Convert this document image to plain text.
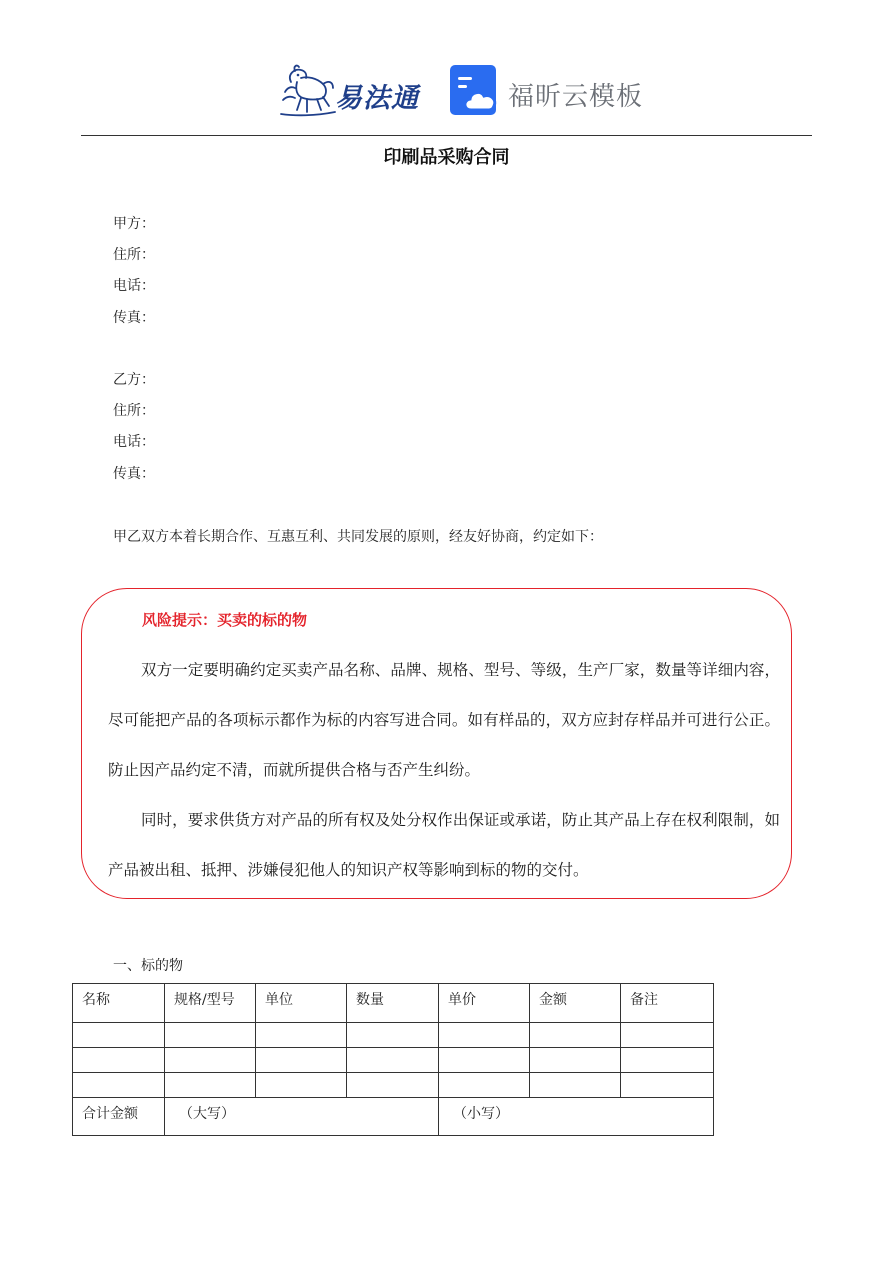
易法通	福昕云模板
印刷品采购合同
甲方：
住所：
电话：
传真：
乙方：
住所：
电话：
传真：
甲乙双方本着长期合作、互惠互利、共同发展的原则，经友好协商，约定如下：
风险提示：买卖的标的物

双方一定要明确约定买卖产品名称、品牌、规格、型号、等级，生产厂家，数量等详细内容，尽可能把产品的各项标示都作为标的内容写进合同。如有样品的，双方应封存样品并可进行公正。防止因产品约定不清，而就所提供合格与否产生纠纷。

同时，要求供货方对产品的所有权及处分权作出保证或承诺，防止其产品上存在权利限制，如产品被出租、抵押、涉嫌侵犯他人的知识产权等影响到标的物的交付。

一、标的物
名称	规格/型号	单位	数量	单价	金额	备注

合计金额	（大写）			（小写）		
